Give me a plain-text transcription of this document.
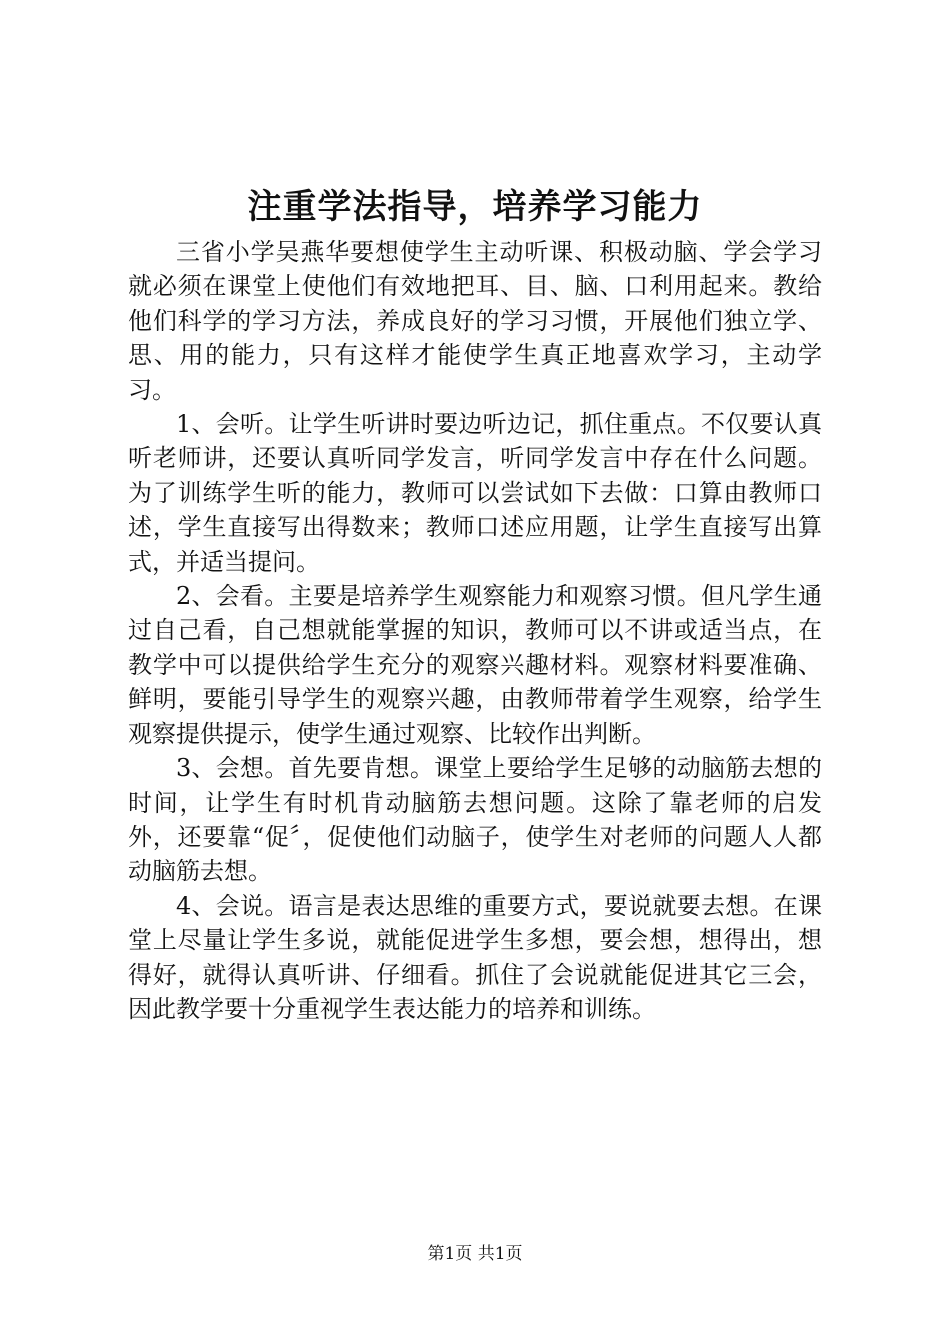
注重学法指导，培养学习能力

三省小学吴燕华要想使学生主动听课、积极动脑、学会学习就必须在课堂上使他们有效地把耳、目、脑、口利用起来。教给他们科学的学习方法，养成良好的学习习惯，开展他们独立学、思、用的能力，只有这样才能使学生真正地喜欢学习，主动学习。

1、会听。让学生听讲时要边听边记，抓住重点。不仅要认真听老师讲，还要认真听同学发言，听同学发言中存在什么问题。为了训练学生听的能力，教师可以尝试如下去做：口算由教师口述，学生直接写出得数来；教师口述应用题，让学生直接写出算式，并适当提问。

2、会看。主要是培养学生观察能力和观察习惯。但凡学生通过自己看，自己想就能掌握的知识，教师可以不讲或适当点，在教学中可以提供给学生充分的观察兴趣材料。观察材料要准确、鲜明，要能引导学生的观察兴趣，由教师带着学生观察，给学生观察提供提示，使学生通过观察、比较作出判断。

3、会想。首先要肯想。课堂上要给学生足够的动脑筋去想的时间，让学生有时机肯动脑筋去想问题。这除了靠老师的启发外，还要靠“促〞，促使他们动脑子，使学生对老师的问题人人都动脑筋去想。

4、会说。语言是表达思维的重要方式，要说就要去想。在课堂上尽量让学生多说，就能促进学生多想，要会想，想得出，想得好，就得认真听讲、仔细看。抓住了会说就能促进其它三会，因此教学要十分重视学生表达能力的培养和训练。

第1页 共1页
